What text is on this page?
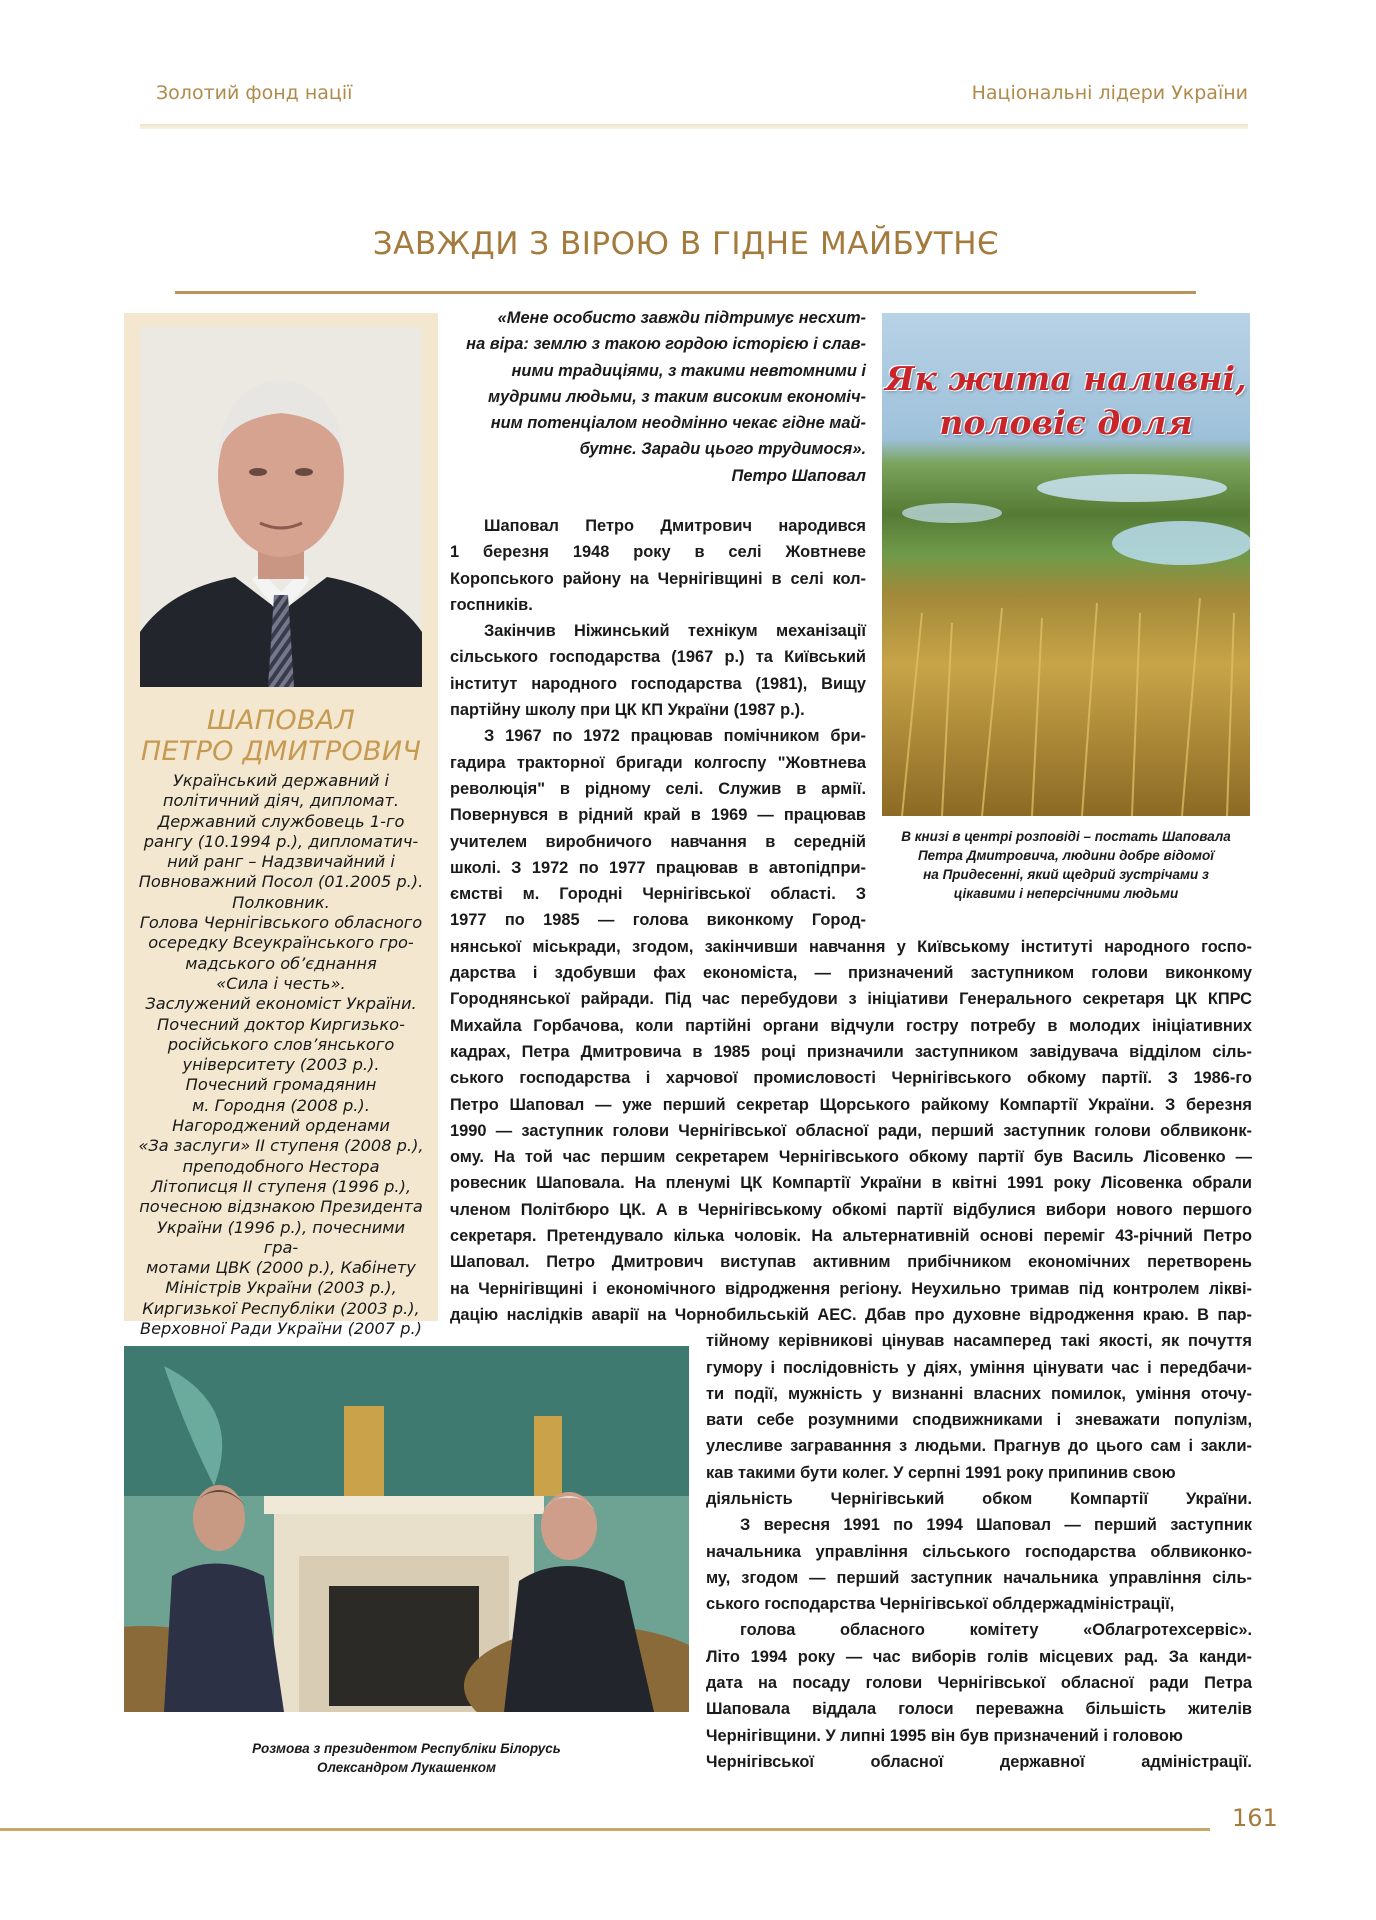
Золотий фонд нації	Національні лідери України
ЗАВЖДИ З ВІРОЮ В ГІДНЕ МАЙБУТНЄ
ШАПОВАЛ
ПЕТРО ДМИТРОВИЧ
Український державний і
політичний діяч, дипломат.
Державний службовець 1-го
рангу (10.1994 р.), дипломатич-
ний ранг – Надзвичайний і
Повноважний Посол (01.2005 р.).
Полковник.
Голова Чернігівського обласного
осередку Всеукраїнського гро-
мадського об’єднання
«Сила і честь».
Заслужений економіст України.
Почесний доктор Киргизько-
російського слов’янського
університету (2003 р.).
Почесний громадянин
м. Городня (2008 р.).
Нагороджений орденами
«За заслуги» ІІ ступеня (2008 р.),
преподобного Нестора
Літописця ІІ ступеня (1996 р.),
почесною відзнакою Президента
України (1996 р.), почесними гра-
мотами ЦВК (2000 р.), Кабінету
Міністрів України (2003 р.),
Киргизької Республіки (2003 р.),
Верховної Ради України (2007 р.)
«Мене особисто завжди підтримує несхит-
на віра: землю з такою гордою історією і слав-
ними традиціями, з такими невтомними і
мудрими людьми, з таким високим економіч-
ним потенціалом неодмінно чекає гідне май-
бутнє. Заради цього трудимося».
Петро Шаповал
Як жита наливні,
половіє доля
В книзі в центрі розповіді – постать Шаповала
Петра Дмитровича, людини добре відомої
на Придесенні, який щедрий зустрічами з
цікавими і неперсічними людьми
Шаповал Петро Дмитрович народився
1 березня 1948 року в селі Жовтневе
Коропського району на Чернігівщині в селі кол-
госпників.
Закінчив Ніжинський технікум механізації
сільського господарства (1967 р.) та Київський
інститут народного господарства (1981), Вищу
партійну школу при ЦК КП України (1987 р.).
З 1967 по 1972 працював помічником бри-
гадира тракторної бригади колгоспу "Жовтнева
революція" в рідному селі. Служив в армії.
Повернувся в рідний край в 1969 — працював
учителем виробничого навчання в середній
школі. З 1972 по 1977 працював в автопідпри-
ємстві м. Городні Чернігівської області. З
1977 по 1985 — голова виконкому Город-
нянської міськради, згодом, закінчивши навчання у Київському інституті народного госпо-
дарства і здобувши фах економіста, — призначений заступником голови виконкому
Городнянської райради. Під час перебудови з ініціативи Генерального секретаря ЦК КПРС
Михайла Горбачова, коли партійні органи відчули гостру потребу в молодих ініціативних
кадрах, Петра Дмитровича в 1985 році призначили заступником завідувача відділом сіль-
ського господарства і харчової промисловості Чернігівського обкому партії. З 1986-го
Петро Шаповал — уже перший секретар Щорського райкому Компартії України. З березня
1990 — заступник голови Чернігівської обласної ради, перший заступник голови облвиконк-
ому. На той час першим секретарем Чернігівського обкому партії був Василь Лісовенко —
ровесник Шаповала. На пленумі ЦК Компартії України в квітні 1991 року Лісовенка обрали
членом Політбюро ЦК. А в Чернігівському обкомі партії відбулися вибори нового першого
секретаря. Претендувало кілька чоловік. На альтернативній основі переміг 43-річний Петро
Шаповал. Петро Дмитрович виступав активним прибічником економічних перетворень
на Чернігівщині і економічного відродження регіону. Неухильно тримав під контролем ліквi-
дацію наслідків аварії на Чорнобильській АЕС. Дбав про духовне відродження краю. В пар-
тійному керівникові цінував насамперед такі якості, як почуття
гумору і послідовність у діях, уміння цінувати час і передбачи-
ти події, мужність у визнанні власних помилок, уміння оточу-
вати себе розумними сподвижниками і зневажати популізм,
улесливе заграванння з людьми. Прагнув до цього сам і закли-
кав такими бути колег. У серпні 1991 року припинив свою
діяльність Чернігівський обком Компартії України.
З вересня 1991 по 1994 Шаповал — перший заступник
начальника управління сільського господарства облвиконко-
му, згодом — перший заступник начальника управління сіль-
ського господарства Чернігівської облдержадміністрації,
голова обласного комітету «Облагротехсервіс».
Літо 1994 року — час виборів голів місцевих рад. За канди-
дата на посаду голови Чернігівської обласної ради Петра
Шаповала віддала голоси переважна більшість жителів
Чернігівщини. У липні 1995 він був призначений і головою
Чернігівської обласної державної адміністрації.
Розмова з президентом Республіки Білорусь
Олександром Лукашенком
161
